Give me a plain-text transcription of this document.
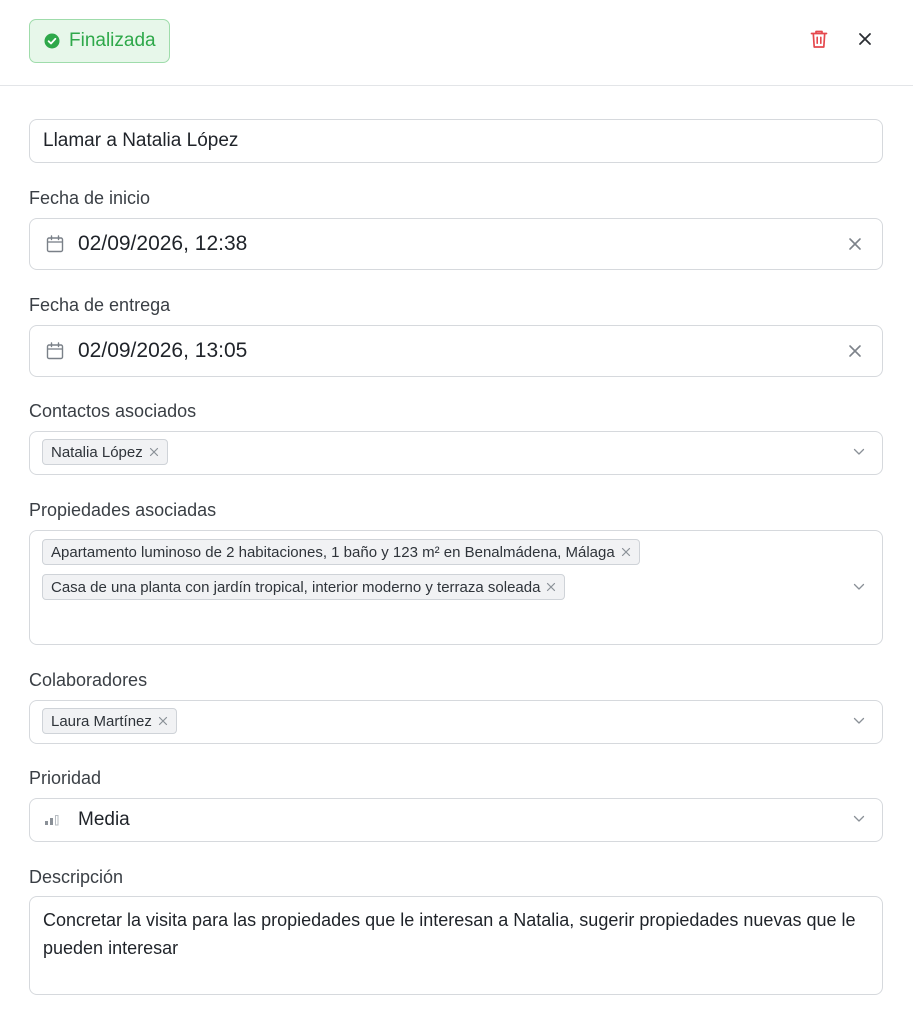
Finalizada
Llamar a Natalia López
Fecha de inicio
02/09/2026, 12:38
Fecha de entrega
02/09/2026, 13:05
Contactos asociados
Natalia López
Propiedades asociadas
Apartamento luminoso de 2 habitaciones, 1 baño y 123 m² en Benalmádena, Málaga
Casa de una planta con jardín tropical, interior moderno y terraza soleada
Colaboradores
Laura Martínez
Prioridad
Media
Descripción
Concretar la visita para las propiedades que le interesan a Natalia, sugerir propiedades nuevas que le pueden interesar
